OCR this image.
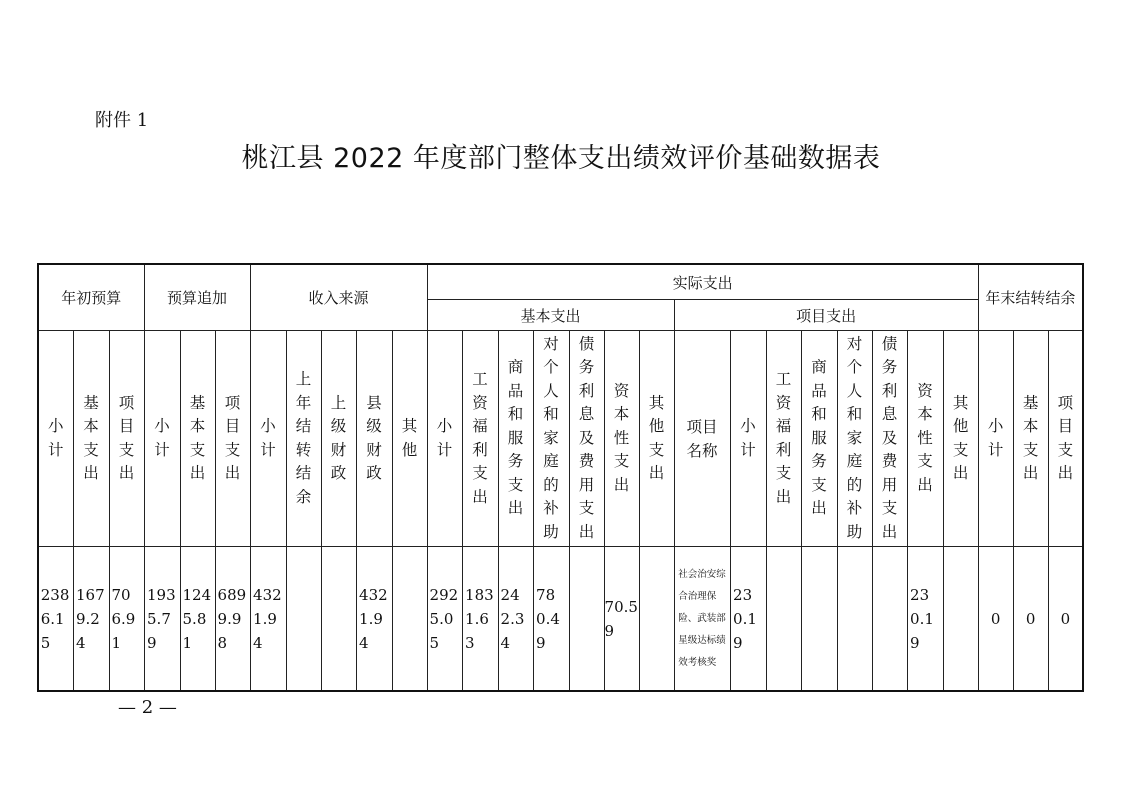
附件 1
桃江县 2022 年度部门整体支出绩效评价基础数据表
年初预算			预算追加			收入来源					实际支出															年末结转结余		
											基本支出							项目支出										
小计	基本支出	项目支出	小计	基本支出	项目支出	小计	上年结转结余	上级财政	县级财政	其他	小计	工资福利支出	商品和服务支出	对个人和家庭的补助	债务利息及费用支出	资本性支出	其他支出	项目名称	小计	工资福利支出	商品和服务支出	对个人和家庭的补助	债务利息及费用支出	资本性支出	其他支出	小计	基本支出	项目支出
2386.15	1679.24	706.91	1935.79	1245.81	6899.98	4321.94			4321.94		2925.05	1831.63	242.34	780.49		70.59		社会治安综合治理保险、武装部星级达标绩效考核奖	230.19					230.19		0	0	0
— 2 —
